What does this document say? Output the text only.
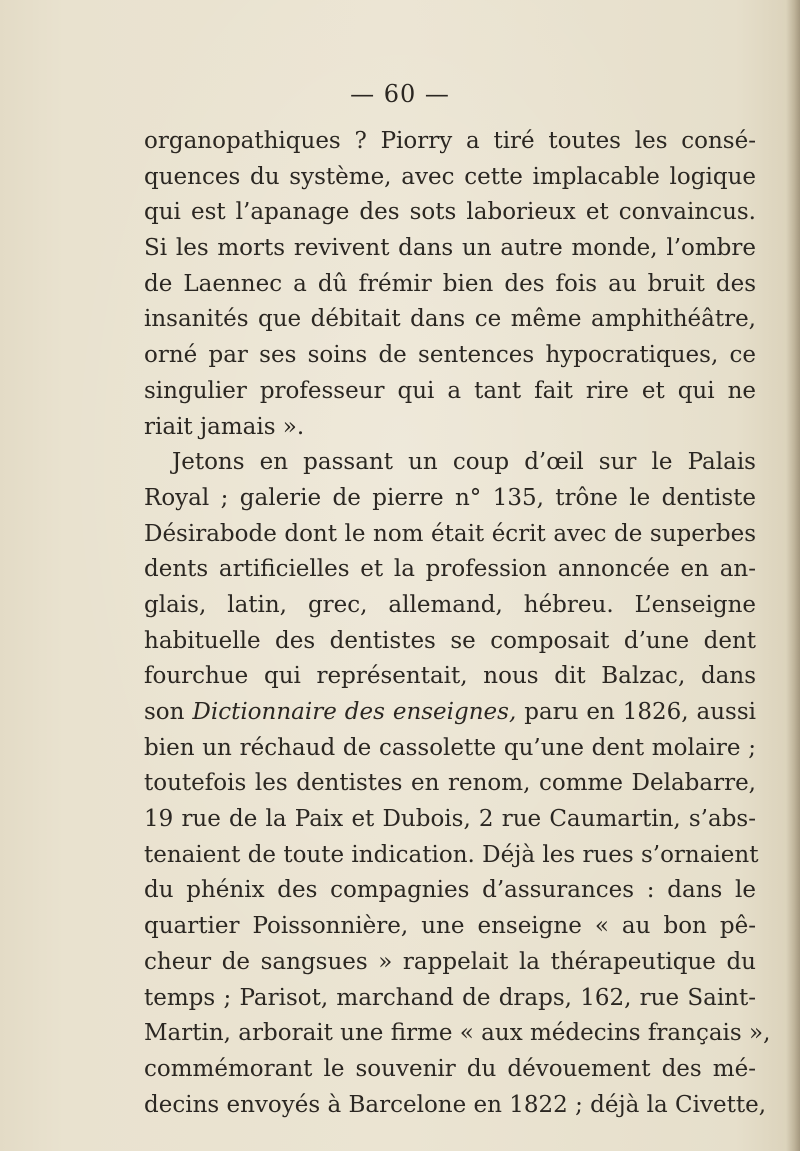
— 60 —
organopathiques ? Piorry a tiré toutes les consé-
quences du système, avec cette implacable logique
qui est l’apanage des sots laborieux et convaincus.
Si les morts revivent dans un autre monde, l’ombre
de Laennec a dû frémir bien des fois au bruit des
insanités que débitait dans ce même amphithéâtre,
orné par ses soins de sentences hypocratiques, ce
singulier professeur qui a tant fait rire et qui ne
riait jamais ».
Jetons en passant un coup d’œil sur le Palais
Royal ; galerie de pierre n° 135, trône le dentiste
Désirabode dont le nom était écrit avec de superbes
dents artificielles et la profession annoncée en an-
glais, latin, grec, allemand, hébreu. L’enseigne
habituelle des dentistes se composait d’une dent
fourchue qui représentait, nous dit Balzac, dans
son Dictionnaire des enseignes, paru en 1826, aussi
bien un réchaud de cassolette qu’une dent molaire ;
toutefois les dentistes en renom, comme Delabarre,
19 rue de la Paix et Dubois, 2 rue Caumartin, s’abs-
tenaient de toute indication. Déjà les rues s’ornaient
du phénix des compagnies d’assurances : dans le
quartier Poissonnière, une enseigne « au bon pê-
cheur de sangsues » rappelait la thérapeutique du
temps ; Parisot, marchand de draps, 162, rue Saint-
Martin, arborait une firme « aux médecins français »,
commémorant le souvenir du dévouement des mé-
decins envoyés à Barcelone en 1822 ; déjà la Civette,
